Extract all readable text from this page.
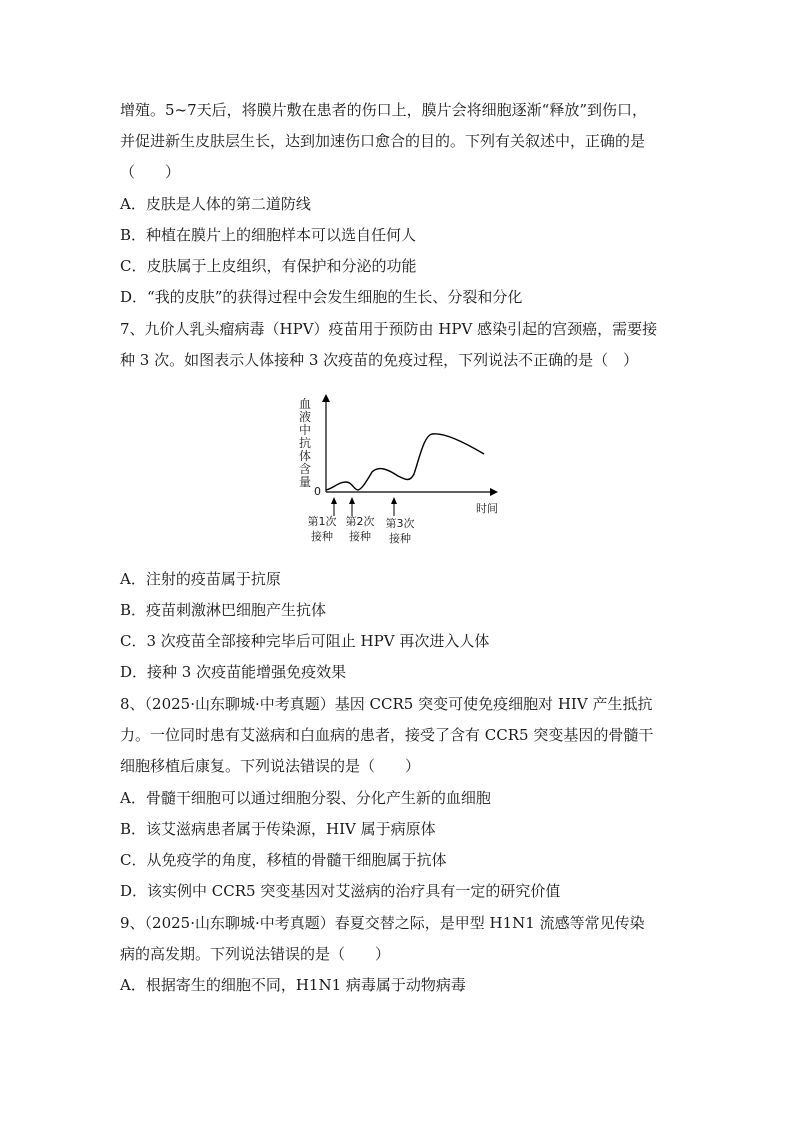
增殖。5~7天后，将膜片敷在患者的伤口上，膜片会将细胞逐渐“释放”到伤口，
并促进新生皮肤层生长，达到加速伤口愈合的目的。下列有关叙述中，正确的是
（　　）
A．皮肤是人体的第二道防线
B．种植在膜片上的细胞样本可以选自任何人
C．皮肤属于上皮组织，有保护和分泌的功能
D．“我的皮肤”的获得过程中会发生细胞的生长、分裂和分化
7、九价人乳头瘤病毒（HPV）疫苗用于预防由 HPV 感染引起的宫颈癌，需要接
种 3 次。如图表示人体接种 3 次疫苗的免疫过程，下列说法不正确的是（　）
血液中抗体含量
0
时间
第1次
接种
第2次
接种
第3次
接种
A．注射的疫苗属于抗原
B．疫苗刺激淋巴细胞产生抗体
C．3 次疫苗全部接种完毕后可阻止 HPV 再次进入人体
D．接种 3 次疫苗能增强免疫效果
8、（2025·山东聊城·中考真题）基因 CCR5 突变可使免疫细胞对 HIV 产生抵抗
力。一位同时患有艾滋病和白血病的患者，接受了含有 CCR5 突变基因的骨髓干
细胞移植后康复。下列说法错误的是（　　）
A．骨髓干细胞可以通过细胞分裂、分化产生新的血细胞
B．该艾滋病患者属于传染源，HIV 属于病原体
C．从免疫学的角度，移植的骨髓干细胞属于抗体
D．该实例中 CCR5 突变基因对艾滋病的治疗具有一定的研究价值
9、（2025·山东聊城·中考真题）春夏交替之际，是甲型 H1N1 流感等常见传染
病的高发期。下列说法错误的是（　　）
A．根据寄生的细胞不同，H1N1 病毒属于动物病毒
